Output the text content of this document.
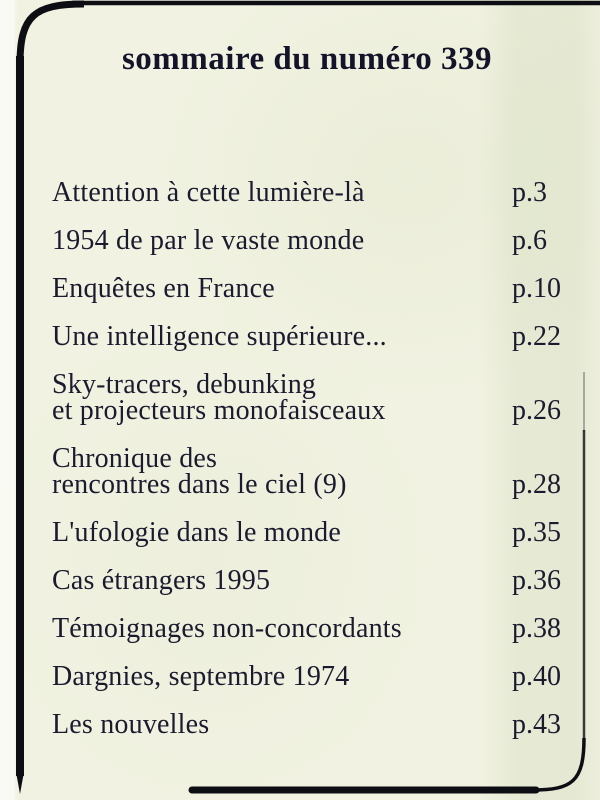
sommaire du numéro 339
Attention à cette lumière-là	p.3
1954 de par le vaste monde	p.6
Enquêtes en France	p.10
Une intelligence supérieure...	p.22
Sky-tracers, debunking
et projecteurs monofaisceaux	p.26
Chronique des
rencontres dans le ciel (9)	p.28
L'ufologie dans le monde	p.35
Cas étrangers 1995	p.36
Témoignages non-concordants	p.38
Dargnies, septembre 1974	p.40
Les nouvelles	p.43
